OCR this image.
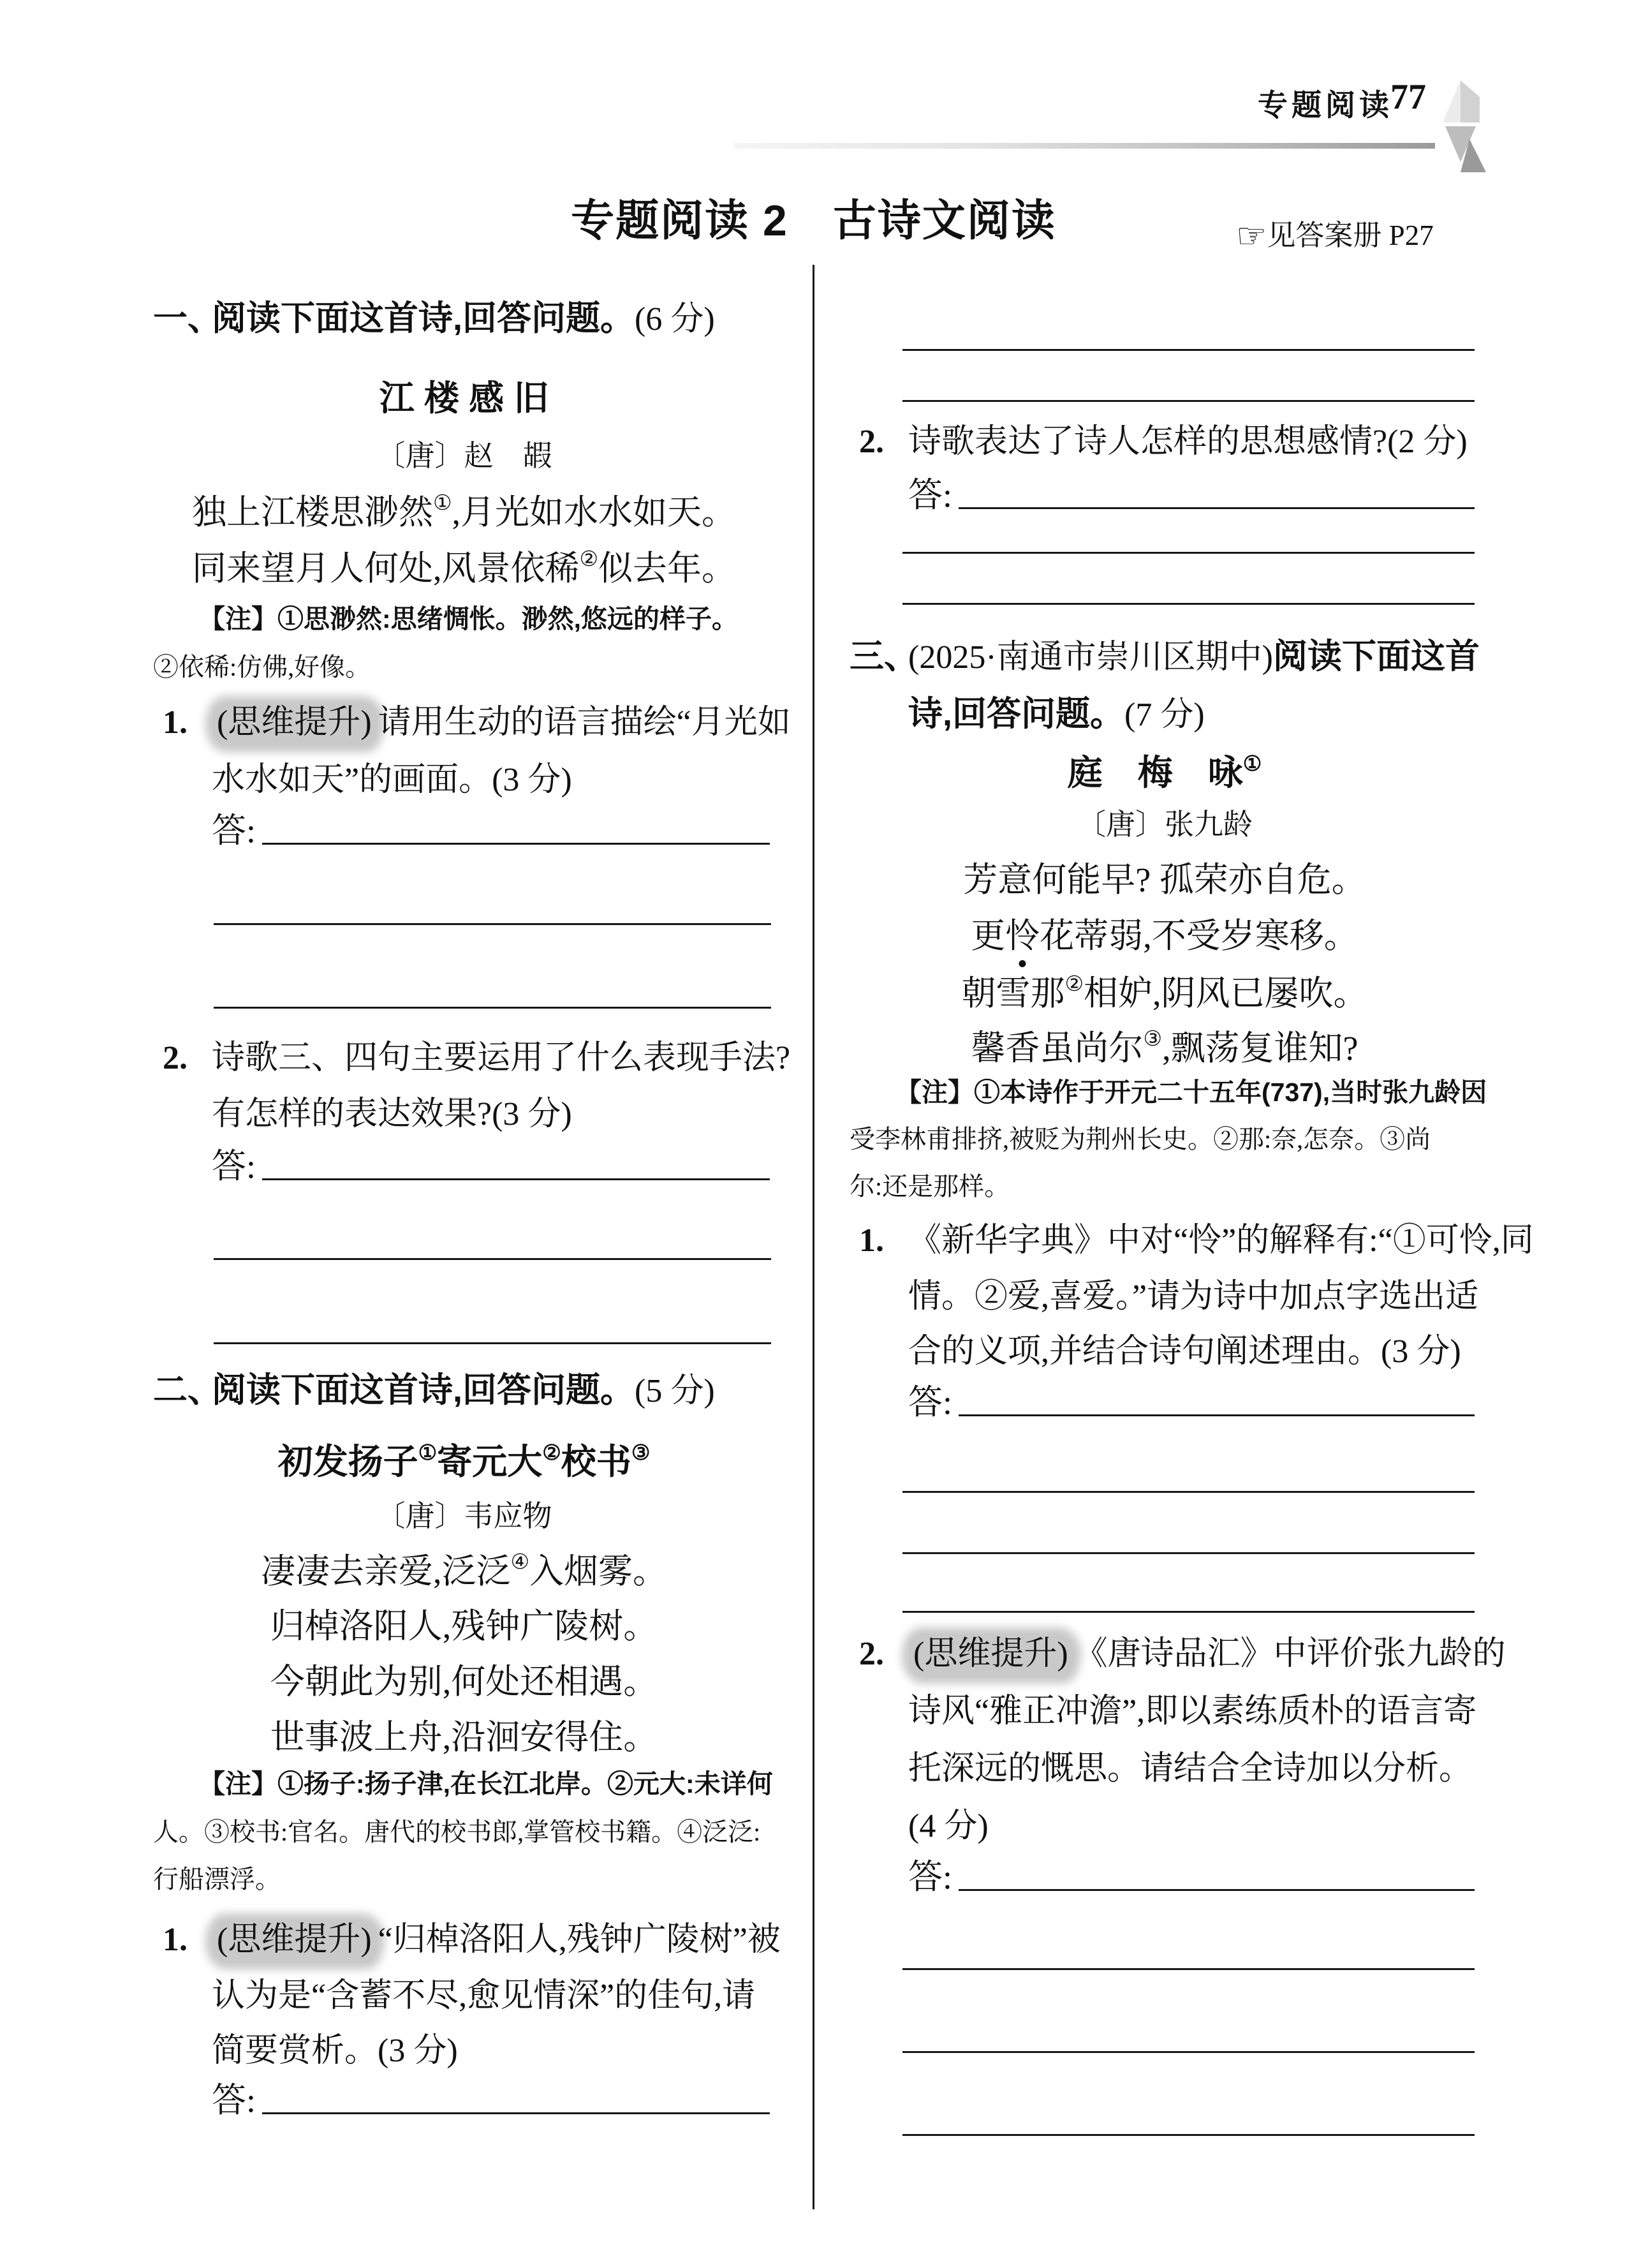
专题阅读
77
专题阅读 2　古诗文阅读	☞见答案册 P27
一、阅读下面这首诗,回答问题。(6 分)
江 楼 感 旧
〔唐〕赵　嘏
独上江楼思渺然①,月光如水水如天。
同来望月人何处,风景依稀②似去年。
【注】①思渺然:思绪惆怅。渺然,悠远的样子。
②依稀:仿佛,好像。
1. (思维提升) 请用生动的语言描绘“月光如
水水如天”的画面。(3 分)
答:
2. 诗歌三、四句主要运用了什么表现手法?
有怎样的表达效果?(3 分)
答:
二、阅读下面这首诗,回答问题。(5 分)
初发扬子①寄元大②校书③
〔唐〕韦应物
凄凄去亲爱,泛泛④入烟雾。
归棹洛阳人,残钟广陵树。
今朝此为别,何处还相遇。
世事波上舟,沿洄安得住。
【注】①扬子:扬子津,在长江北岸。②元大:未详何
人。③校书:官名。唐代的校书郎,掌管校书籍。④泛泛:
行船漂浮。
1. (思维提升) “归棹洛阳人,残钟广陵树”被
认为是“含蓄不尽,愈见情深”的佳句,请
简要赏析。(3 分)
答:
2. 诗歌表达了诗人怎样的思想感情?(2 分)
答:
三、(2025·南通市崇川区期中)阅读下面这首
诗,回答问题。(7 分)
庭　梅　咏①
〔唐〕张九龄
芳意何能早? 孤荣亦自危。
更怜花蒂弱,不受岁寒移。
朝雪那②相妒,阴风已屡吹。
馨香虽尚尔③,飘荡复谁知?
【注】①本诗作于开元二十五年(737),当时张九龄因
受李林甫排挤,被贬为荆州长史。②那:奈,怎奈。③尚
尔:还是那样。
1. 《新华字典》中对“怜”的解释有:“①可怜,同
情。②爱,喜爱。”请为诗中加点字选出适
合的义项,并结合诗句阐述理由。(3 分)
答:
2. (思维提升) 《唐诗品汇》中评价张九龄的
诗风“雅正冲澹”,即以素练质朴的语言寄
托深远的慨思。请结合全诗加以分析。
(4 分)
答:
